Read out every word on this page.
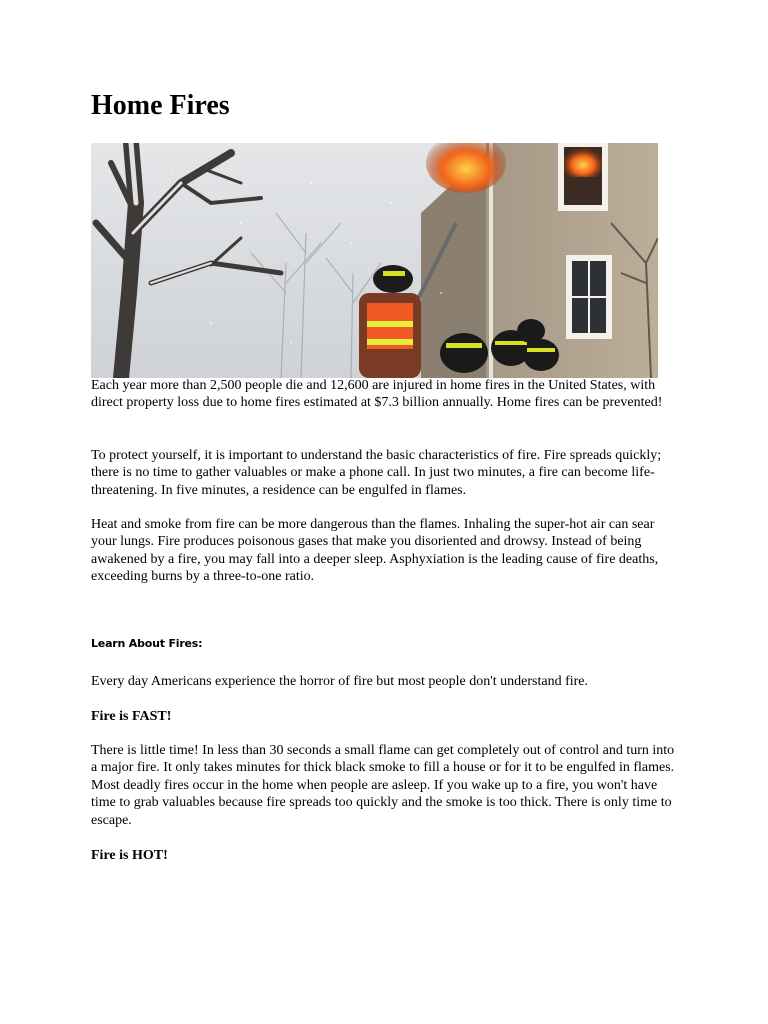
Home Fires

Each year more than 2,500 people die and 12,600 are injured in home fires in the United States, with direct property loss due to home fires estimated at $7.3 billion annually. Home fires can be prevented!

To protect yourself, it is important to understand the basic characteristics of fire. Fire spreads quickly; there is no time to gather valuables or make a phone call. In just two minutes, a fire can become life-threatening. In five minutes, a residence can be engulfed in flames.

Heat and smoke from fire can be more dangerous than the flames. Inhaling the super-hot air can sear your lungs. Fire produces poisonous gases that make you disoriented and drowsy. Instead of being awakened by a fire, you may fall into a deeper sleep. Asphyxiation is the leading cause of fire deaths, exceeding burns by a three-to-one ratio.

Learn About Fires:

Every day Americans experience the horror of fire but most people don't understand fire.

Fire is FAST!

There is little time! In less than 30 seconds a small flame can get completely out of control and turn into a major fire. It only takes minutes for thick black smoke to fill a house or for it to be engulfed in flames. Most deadly fires occur in the home when people are asleep. If you wake up to a fire, you won't have time to grab valuables because fire spreads too quickly and the smoke is too thick. There is only time to escape.

Fire is HOT!
